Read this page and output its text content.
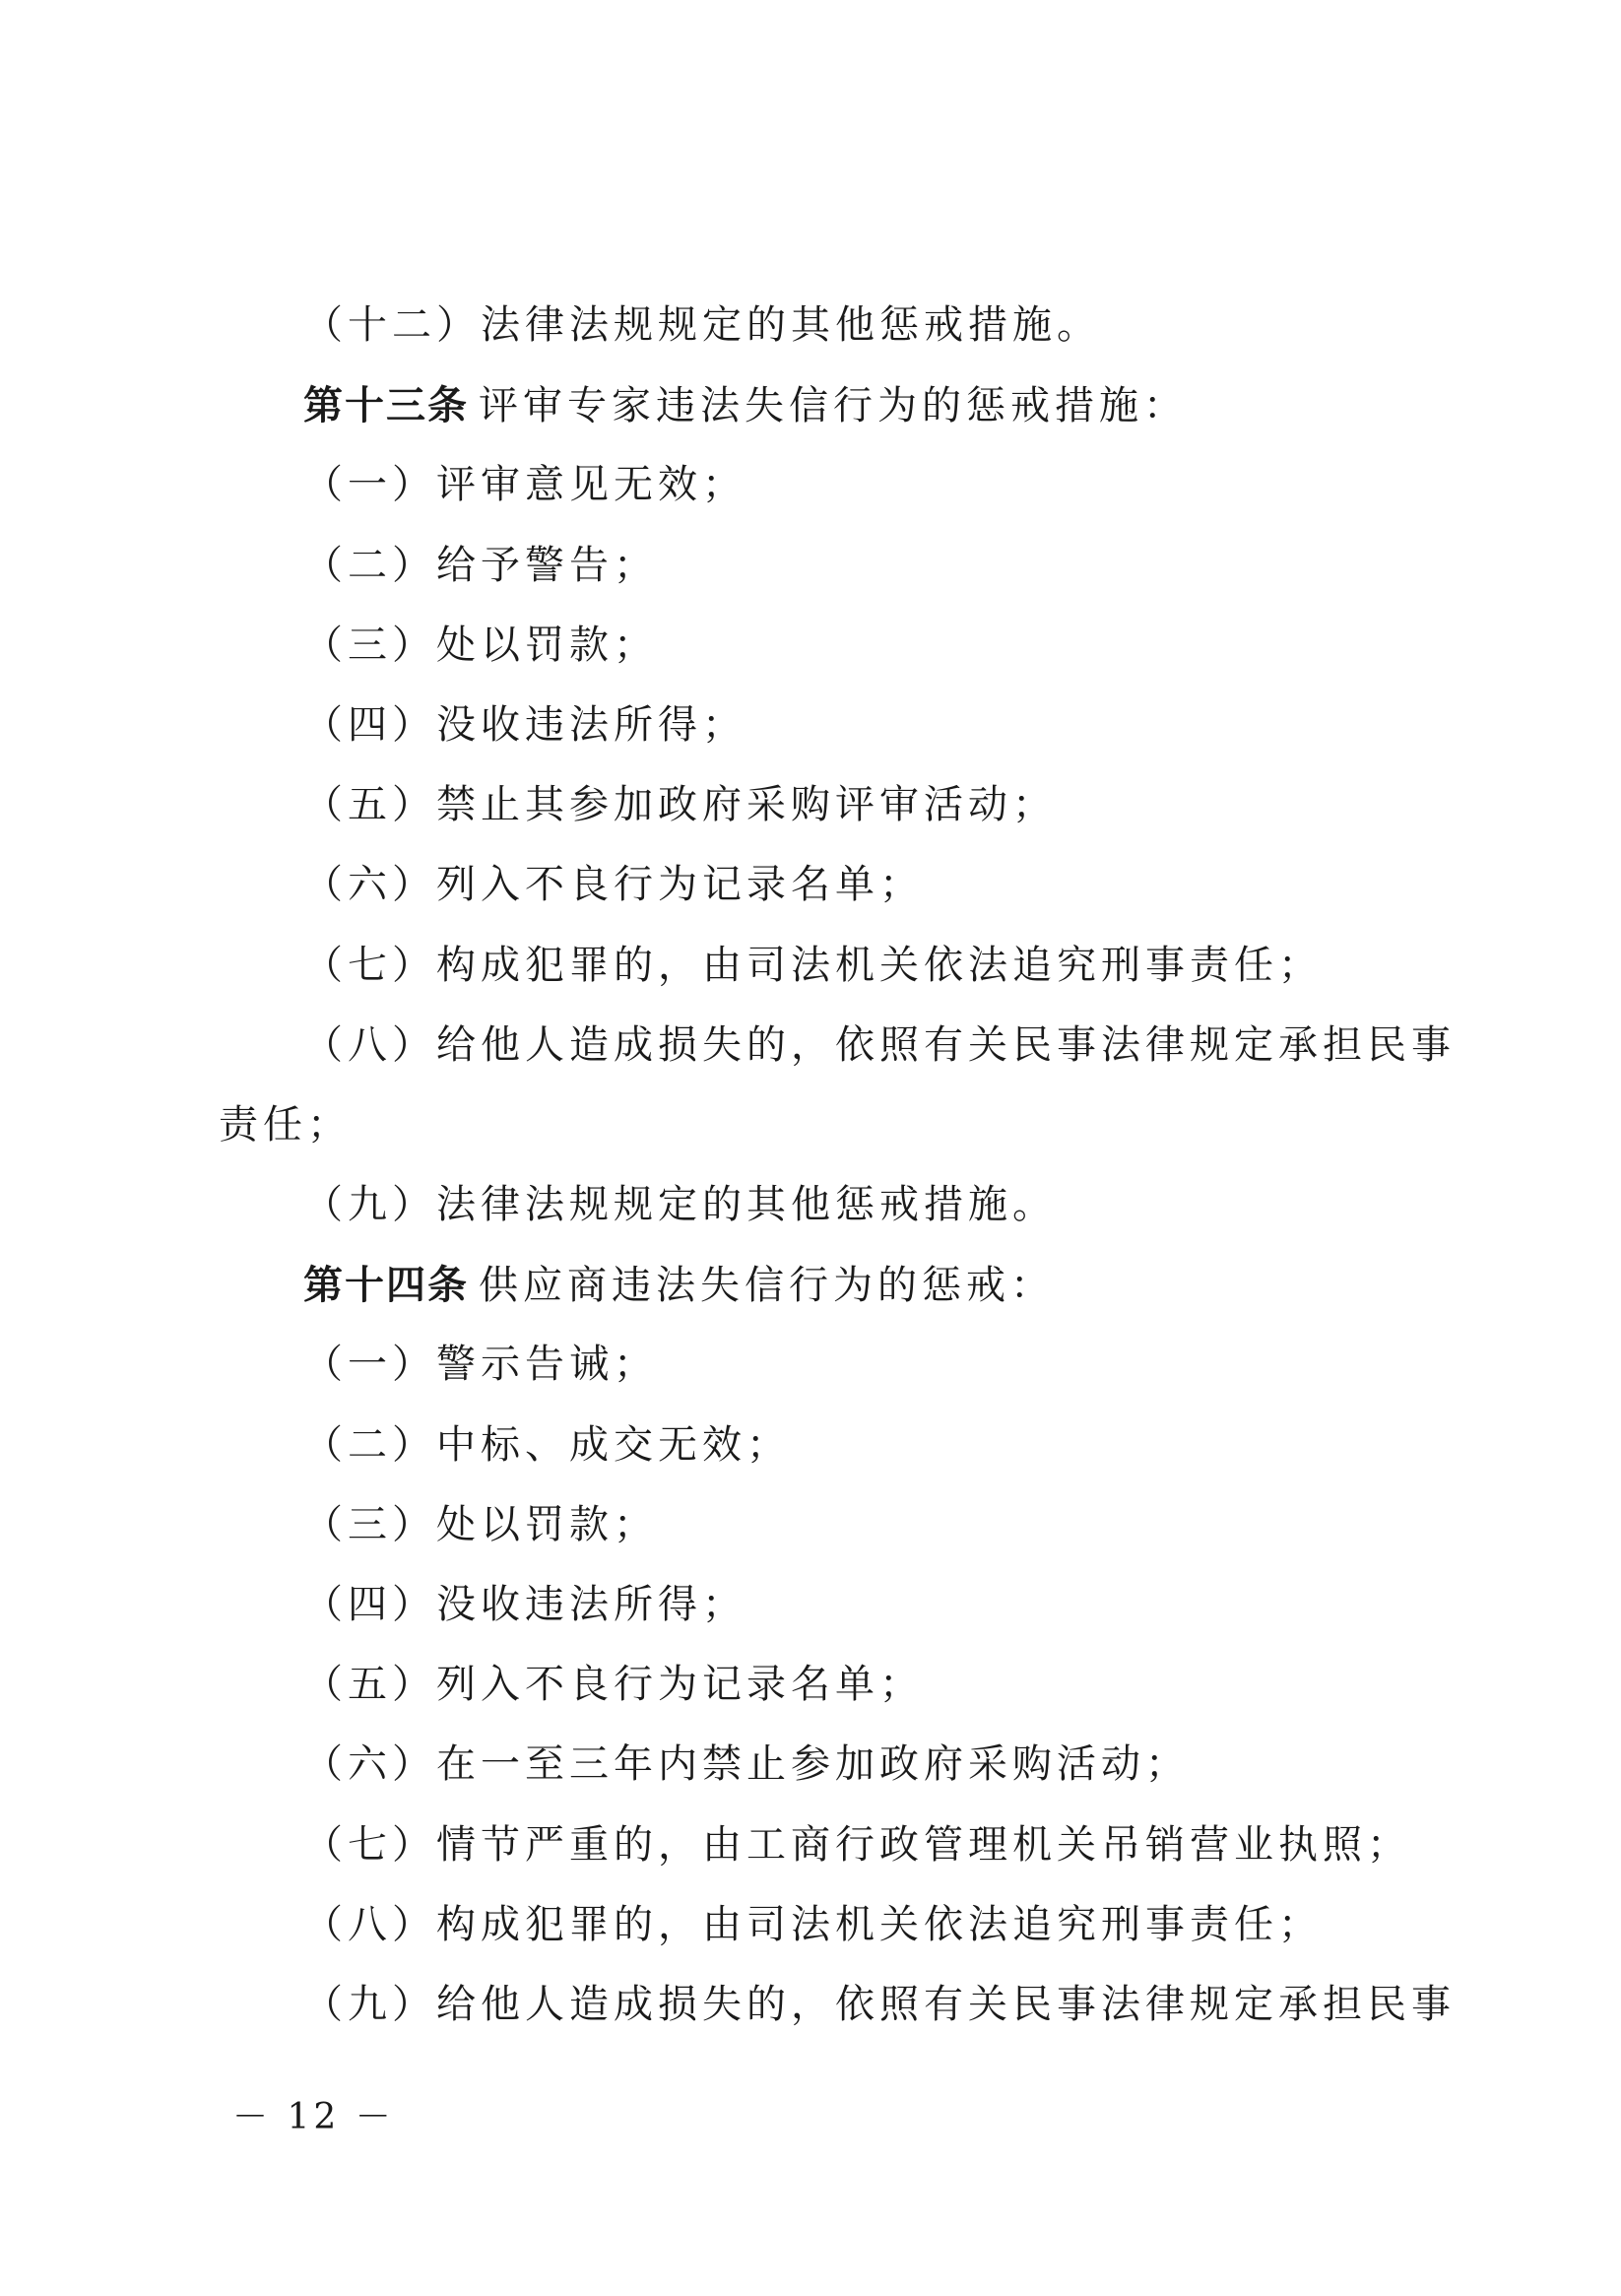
（十二）法律法规规定的其他惩戒措施。
第十三条 评审专家违法失信行为的惩戒措施：
（一）评审意见无效；
（二）给予警告；
（三）处以罚款；
（四）没收违法所得；
（五）禁止其参加政府采购评审活动；
（六）列入不良行为记录名单；
（七）构成犯罪的，由司法机关依法追究刑事责任；
（八）给他人造成损失的，依照有关民事法律规定承担民事
责任；
（九）法律法规规定的其他惩戒措施。
第十四条 供应商违法失信行为的惩戒：
（一）警示告诫；
（二）中标、成交无效；
（三）处以罚款；
（四）没收违法所得；
（五）列入不良行为记录名单；
（六）在一至三年内禁止参加政府采购活动；
（七）情节严重的，由工商行政管理机关吊销营业执照；
（八）构成犯罪的，由司法机关依法追究刑事责任；
（九）给他人造成损失的，依照有关民事法律规定承担民事
－ 12 －
